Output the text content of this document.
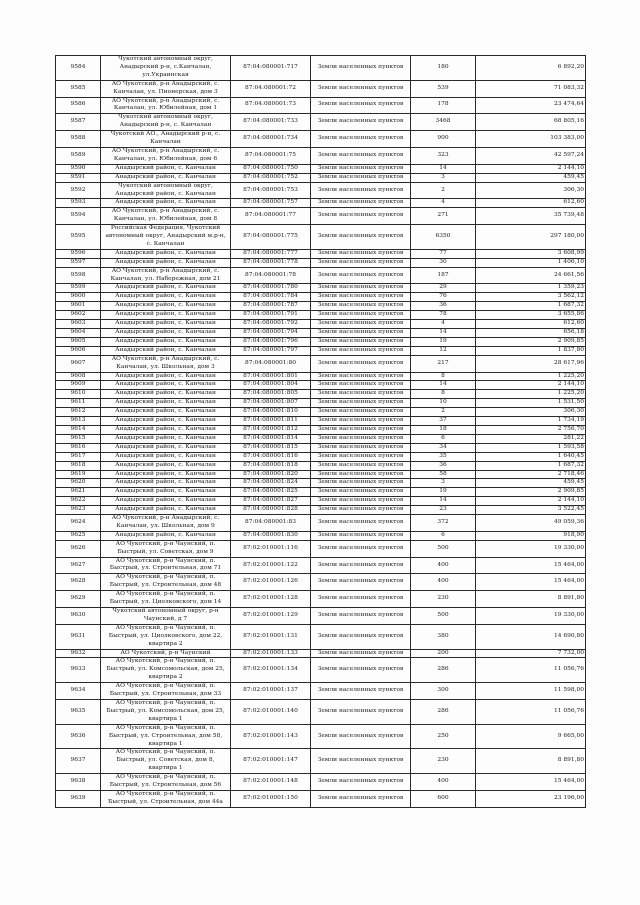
9584	Чукотский автономный округ, Анадырский р-н, с.Канчалан, ул.Украинская	87:04:080001:717	Земли населенных пунктов	180	6 892,20
9585	АО Чукотский, р-н Анадырский, с. Канчалан, ул. Пионерская, дом 3	87:04:080001:72	Земли населенных пунктов	539	71 083,32
9586	АО Чукотский, р-н Анадырский, с. Канчалан, ул. Юбилейная, дом 1	87:04:080001:73	Земли населенных пунктов	178	23 474,64
9587	Чукотский автономный округ, Анадырский р-н, с. Канчалан	87:04:080001:733	Земли населенных пунктов	3468	68 805,16
9588	Чукотский АО., Анадырский р-н, с. Канчалан	87:04:080001:734	Земли населенных пунктов	900	103 383,00
9589	АО Чукотский, р-н Анадырский, с. Канчалан, ул. Юбилейная, дом 6	87:04:080001:75	Земли населенных пунктов	323	42 597,24
9590	Анадырский район, с. Канчалан	87:04:080001:750	Земли населенных пунктов	14	2 144,10
9591	Анадырский район, с. Канчалан	87:04:080001:752	Земли населенных пунктов	3	459,45
9592	Чукотский автономный округ, Анадырский район, с. Канчалан	87:04:080001:753	Земли населенных пунктов	2	306,30
9593	Анадырский район, с. Канчалан	87:04:080001:757	Земли населенных пунктов	4	612,60
9594	АО Чукотский, р-н Анадырский, с. Канчалан, ул. Юбилейная, дом 8	87:04:080001:77	Земли населенных пунктов	271	35 739,48
9595	Российская Федерация, Чукотский автономный округ, Анадырский м.р-н, с. Канчалан	87:04:080001:775	Земли населенных пунктов	6350	297 180,00
9596	Анадырский район, с. Канчалан	87:04:080001:777	Земли населенных пунктов	77	3 608,99
9597	Анадырский район, с. Канчалан	87:04:080001:778	Земли населенных пунктов	30	1 406,10
9598	АО Чукотский, р-н Анадырский, с. Канчалан, ул. Набережная, дом 21	87:04:080001:78	Земли населенных пунктов	187	24 661,56
9599	Анадырский район, с. Канчалан	87:04:080001:780	Земли населенных пунктов	29	1 359,23
9600	Анадырский район, с. Канчалан	87:04:080001:784	Земли населенных пунктов	76	3 562,12
9601	Анадырский район, с. Канчалан	87:04:080001:787	Земли населенных пунктов	36	1 687,32
9602	Анадырский район, с. Канчалан	87:04:080001:791	Земли населенных пунктов	78	3 655,86
9603	Анадырский район, с. Канчалан	87:04:080001:792	Земли населенных пунктов	4	612,60
9604	Анадырский район, с. Канчалан	87:04:080001:794	Земли населенных пунктов	14	656,18
9605	Анадырский район, с. Канчалан	87:04:080001:796	Земли населенных пунктов	19	2 909,85
9606	Анадырский район, с. Канчалан	87:04:080001:797	Земли населенных пунктов	12	1 837,80
9607	АО Чукотский, р-н Анадырский, с. Канчалан, ул. Школьная, дом 3	87:04:080001:80	Земли населенных пунктов	217	28 617,96
9608	Анадырский район, с. Канчалан	87:04:080001:801	Земли населенных пунктов	8	1 225,20
9609	Анадырский район, с. Канчалан	87:04:080001:804	Земли населенных пунктов	14	2 144,10
9610	Анадырский район, с. Канчалан	87:04:080001:805	Земли населенных пунктов	8	1 225,20
9611	Анадырский район, с. Канчалан	87:04:080001:807	Земли населенных пунктов	10	1 531,50
9612	Анадырский район, с. Канчалан	87:04:080001:810	Земли населенных пунктов	2	306,30
9613	Анадырский район, с. Канчалан	87:04:080001:811	Земли населенных пунктов	37	1 734,19
9614	Анадырский район, с. Канчалан	87:04:080001:812	Земли населенных пунктов	18	2 756,70
9615	Анадырский район, с. Канчалан	87:04:080001:814	Земли населенных пунктов	6	281,22
9616	Анадырский район, с. Канчалан	87:04:080001:815	Земли населенных пунктов	34	1 593,58
9617	Анадырский район, с. Канчалан	87:04:080001:816	Земли населенных пунктов	35	1 640,45
9618	Анадырский район, с. Канчалан	87:04:080001:818	Земли населенных пунктов	36	1 687,32
9619	Анадырский район, с. Канчалан	87:04:080001:820	Земли населенных пунктов	58	2 718,46
9620	Анадырский район, с. Канчалан	87:04:080001:824	Земли населенных пунктов	3	459,45
9621	Анадырский район, с. Канчалан	87:04:080001:825	Земли населенных пунктов	19	2 909,85
9622	Анадырский район, с. Канчалан	87:04:080001:827	Земли населенных пунктов	14	2 144,10
9623	Анадырский район, с. Канчалан	87:04:080001:828	Земли населенных пунктов	23	3 522,45
9624	АО Чукотский, р-н Анадырский, с. Канчалан, ул. Школьная, дом 9	87:04:080001:83	Земли населенных пунктов	372	49 059,36
9625	Анадырский район, с. Канчалан	87:04:080001:830	Земли населенных пунктов	6	918,90
9626	АО Чукотский, р-н Чаунский, п. Быстрый, ул. Советская, дом 9	87:02:010001:116	Земли населенных пунктов	500	19 330,00
9627	АО Чукотский, р-н Чаунский, п. Быстрый, ул. Строительная, дом 71	87:02:010001:122	Земли населенных пунктов	400	15 464,00
9628	АО Чукотский, р-н Чаунский, п. Быстрый, ул. Строительная, дом 48	87:02:010001:126	Земли населенных пунктов	400	15 464,00
9629	АО Чукотский, р-н Чаунский, п. Быстрый, ул. Циолковского, дом 14	87:02:010001:128	Земли населенных пунктов	230	8 891,80
9630	Чукотский автономный округ, р-н Чаунский, д 7	87:02:010001:129	Земли населенных пунктов	500	19 330,00
9631	АО Чукотский, р-н Чаунский, п. Быстрый, ул. Циолковского, дом 22, квартира 2	87:02:010001:131	Земли населенных пунктов	380	14 690,80
9632	АО Чукотский, р-н Чаунский	87:02:010001:133	Земли населенных пунктов	200	7 732,00
9633	АО Чукотский, р-н Чаунский, п. Быстрый, ул. Комсомольская, дом 25, квартира 2	87:02:010001:134	Земли населенных пунктов	286	11 056,76
9634	АО Чукотский, р-н Чаунский, п. Быстрый, ул. Строительная, дом 33	87:02:010001:137	Земли населенных пунктов	300	11 598,00
9635	АО Чукотский, р-н Чаунский, п. Быстрый, ул. Комсомольская, дом 25, квартира 1	87:02:010001:140	Земли населенных пунктов	286	11 056,76
9636	АО Чукотский, р-н Чаунский, п. Быстрый, ул. Строительная, дом 58, квартира 1	87:02:010001:143	Земли населенных пунктов	250	9 665,00
9637	АО Чукотский, р-н Чаунский, п. Быстрый, ул. Советская, дом 8, квартира 1	87:02:010001:147	Земли населенных пунктов	230	8 891,80
9638	АО Чукотский, р-н Чаунский, п. Быстрый, ул. Строительная, дом 56	87:02:010001:148	Земли населенных пунктов	400	15 464,00
9639	АО Чукотский, р-н Чаунский, п. Быстрый, ул. Строительная, дом 44а	87:02:010001:150	Земли населенных пунктов	600	23 196,00
